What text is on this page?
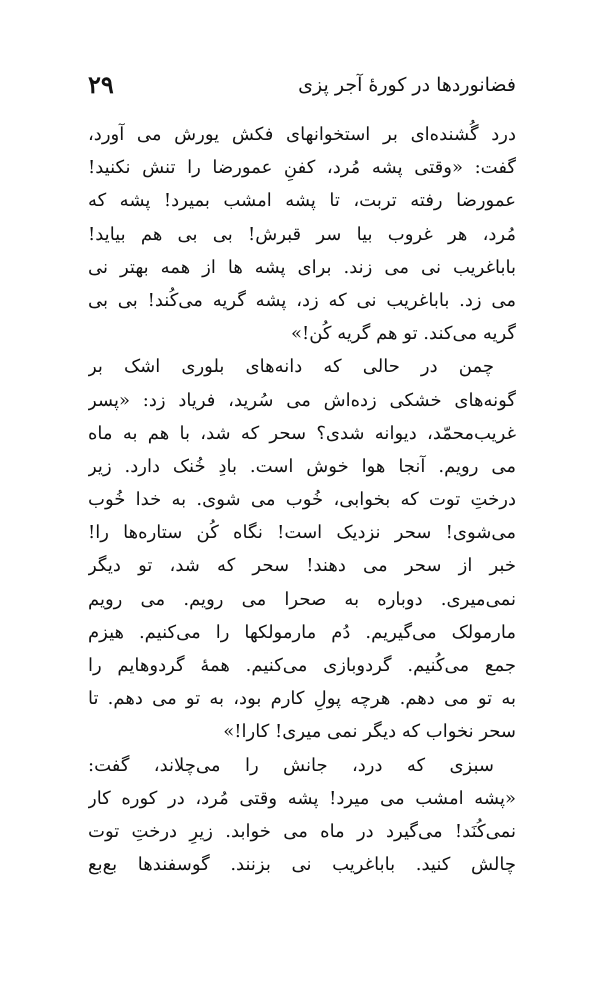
فضانوردها در کورهٔ آجر پزی
۲۹
درد گُشنده‌ای بر استخوانهای فکش یورش می آورد،
گفت: «وقتی پشه مُرد، کفنِ عمورضا را تنش نکنید!
عمورضا رفته تربت، تا پشه امشب بمیرد! پشه که
مُرد، هر غروب بیا سر قبرش! بی بی هم بیاید!
باباغریب نی می زند. برای پشه ها از همه بهتر نی
می زد. باباغریب نی که زد، پشه گریه می‌کُند! بی بی
گریه می‌کند. تو هم گریه کُن!»
چمن در حالی که دانه‌های بلوری اشک بر
گونه‌های خشکی زده‌اش می سُرید، فریاد زد: «پسر
غریب‌محمّد، دیوانه شدی؟ سحر که شد، با هم به ماه
می رویم. آنجا هوا خوش است. بادِ خُنک دارد. زیر
درختِ توت که بخوابی، خُوب می شوی. به خدا خُوب
می‌شوی! سحر نزدیک است! نگاه کُن ستاره‌ها را!
خبر از سحر می دهند! سحر که شد، تو دیگر
نمی‌میری. دوباره به صحرا می رویم. می رویم
مارمولک می‌گیریم. دُم مارمولکها را می‌کنیم. هیزم
جمع می‌کُنیم. گردوبازی می‌کنیم. همهٔ گردوهایم را
به تو می دهم. هرچه پولِ کارم بود، به تو می دهم. تا
سحر نخواب که دیگر نمی میری! کارا!»
سبزی که درد، جانش را می‌چلاند، گفت:
«پشه امشب می میرد! پشه وقتی مُرد، در کوره کار
نمی‌کُنَد! می‌گیرد در ماه می خوابد. زیرِ درختِ توت
چالش کنید. باباغریب نی بزنند. گوسفندها بع‌بع
